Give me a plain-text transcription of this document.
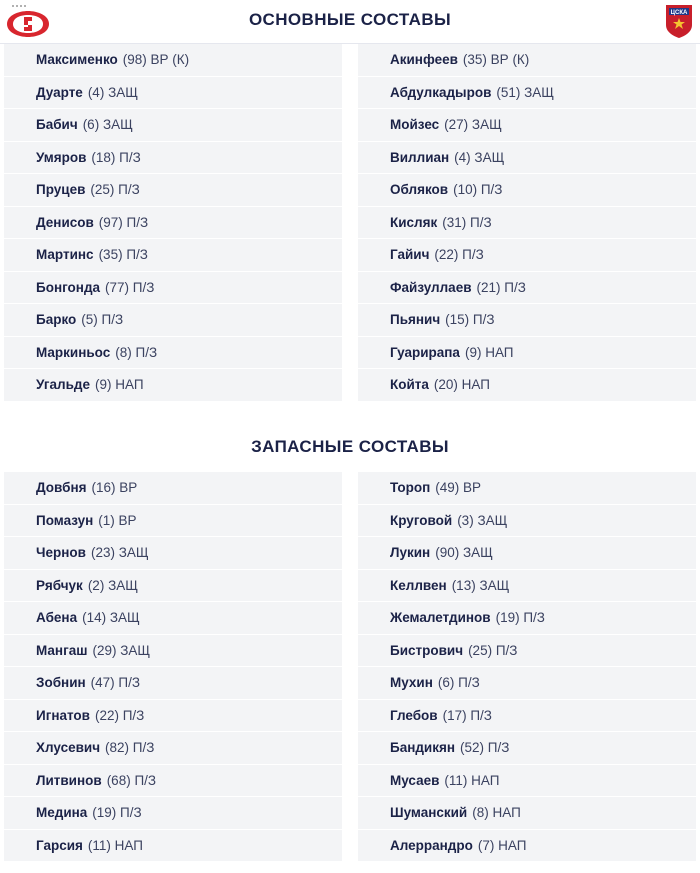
ОСНОВНЫЕ СОСТАВЫ	ЦСКА
Максименко (98) ВР (К)
Дуарте (4) ЗАЩ
Бабич (6) ЗАЩ
Умяров (18) П/З
Пруцев (25) П/З
Денисов (97) П/З
Мартинс (35) П/З
Бонгонда (77) П/З
Барко (5) П/З
Маркиньос (8) П/З
Угальде (9) НАП
Акинфеев (35) ВР (К)
Абдулкадыров (51) ЗАЩ
Мойзес (27) ЗАЩ
Виллиан (4) ЗАЩ
Обляков (10) П/З
Кисляк (31) П/З
Гайич (22) П/З
Файзуллаев (21) П/З
Пьянич (15) П/З
Гуарирапа (9) НАП
Койта (20) НАП
ЗАПАСНЫЕ СОСТАВЫ
Довбня (16) ВР
Помазун (1) ВР
Чернов (23) ЗАЩ
Рябчук (2) ЗАЩ
Абена (14) ЗАЩ
Мангаш (29) ЗАЩ
Зобнин (47) П/З
Игнатов (22) П/З
Хлусевич (82) П/З
Литвинов (68) П/З
Медина (19) П/З
Гарсия (11) НАП
Тороп (49) ВР
Круговой (3) ЗАЩ
Лукин (90) ЗАЩ
Келлвен (13) ЗАЩ
Жемалетдинов (19) П/З
Бистрович (25) П/З
Мухин (6) П/З
Глебов (17) П/З
Бандикян (52) П/З
Мусаев (11) НАП
Шуманский (8) НАП
Алеррандро (7) НАП
